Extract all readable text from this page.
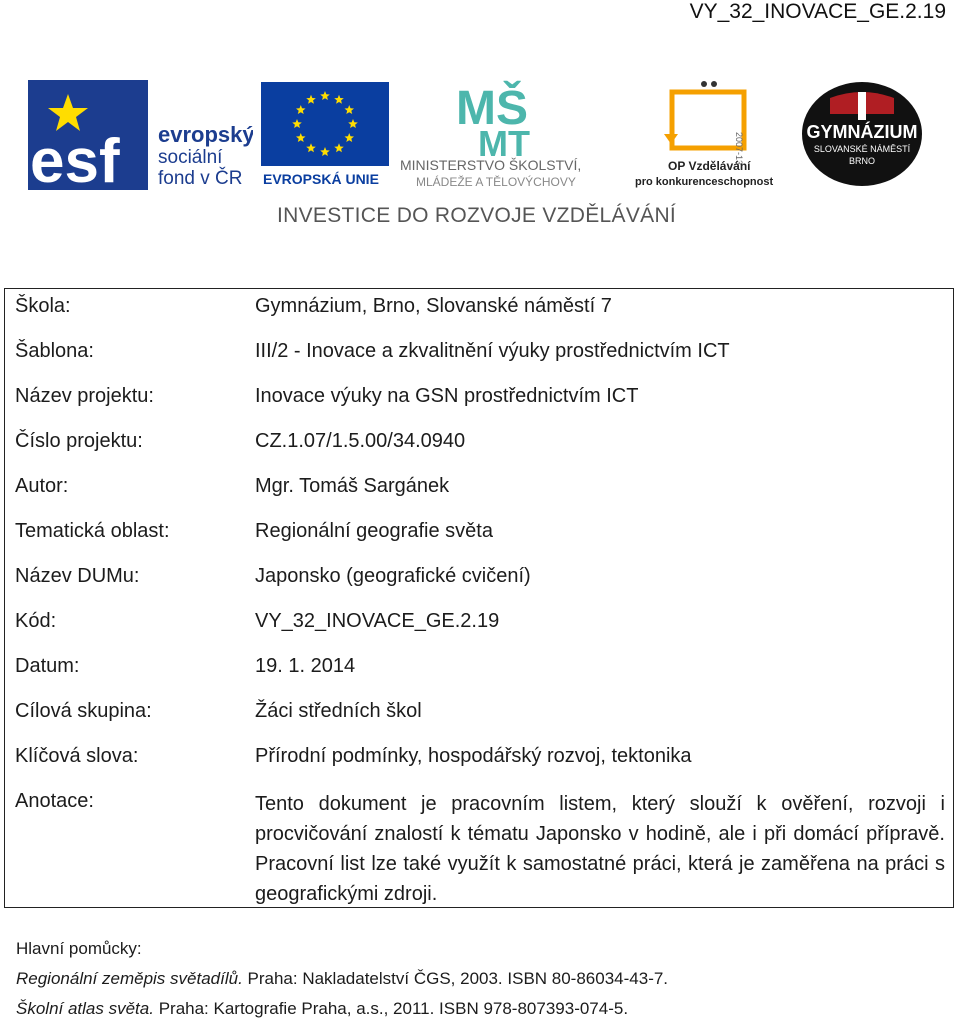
VY_32_INOVACE_GE.2.19
esf evropský
sociální
fond v ČR EVROPSKÁ UNIE
MŠ
MT
MINISTERSTVO ŠKOLSTVÍ,
MLÁDEŽE A TĚLOVÝCHOVY
2007-13
OP Vzdělávání
pro konkurenceschopnost
GYMNÁZIUM
SLOVANSKÉ NÁMĚSTÍ
BRNO
INVESTICE DO ROZVOJE VZDĚLÁVÁNÍ
Škola:	Gymnázium, Brno, Slovanské náměstí 7
Šablona:	III/2 - Inovace a zkvalitnění výuky prostřednictvím ICT
Název projektu:	Inovace výuky na GSN prostřednictvím ICT
Číslo projektu:	CZ.1.07/1.5.00/34.0940
Autor:	Mgr. Tomáš Sargánek
Tematická oblast:	Regionální geografie světa
Název DUMu:	Japonsko (geografické cvičení)
Kód:	VY_32_INOVACE_GE.2.19
Datum:	19. 1. 2014
Cílová skupina:	Žáci středních škol
Klíčová slova:	Přírodní podmínky, hospodářský rozvoj, tektonika
Anotace:	Tento dokument je pracovním listem, který slouží k ověření, rozvoji i procvičování znalostí k tématu Japonsko v hodině, ale i při domácí přípravě. Pracovní list lze také využít k samostatné práci, která je zaměřena na práci s geografickými zdroji.
Hlavní pomůcky:
Regionální zeměpis světadílů. Praha: Nakladatelství ČGS, 2003. ISBN 80-86034-43-7.
Školní atlas světa. Praha: Kartografie Praha, a.s., 2011. ISBN 978-807393-074-5.
